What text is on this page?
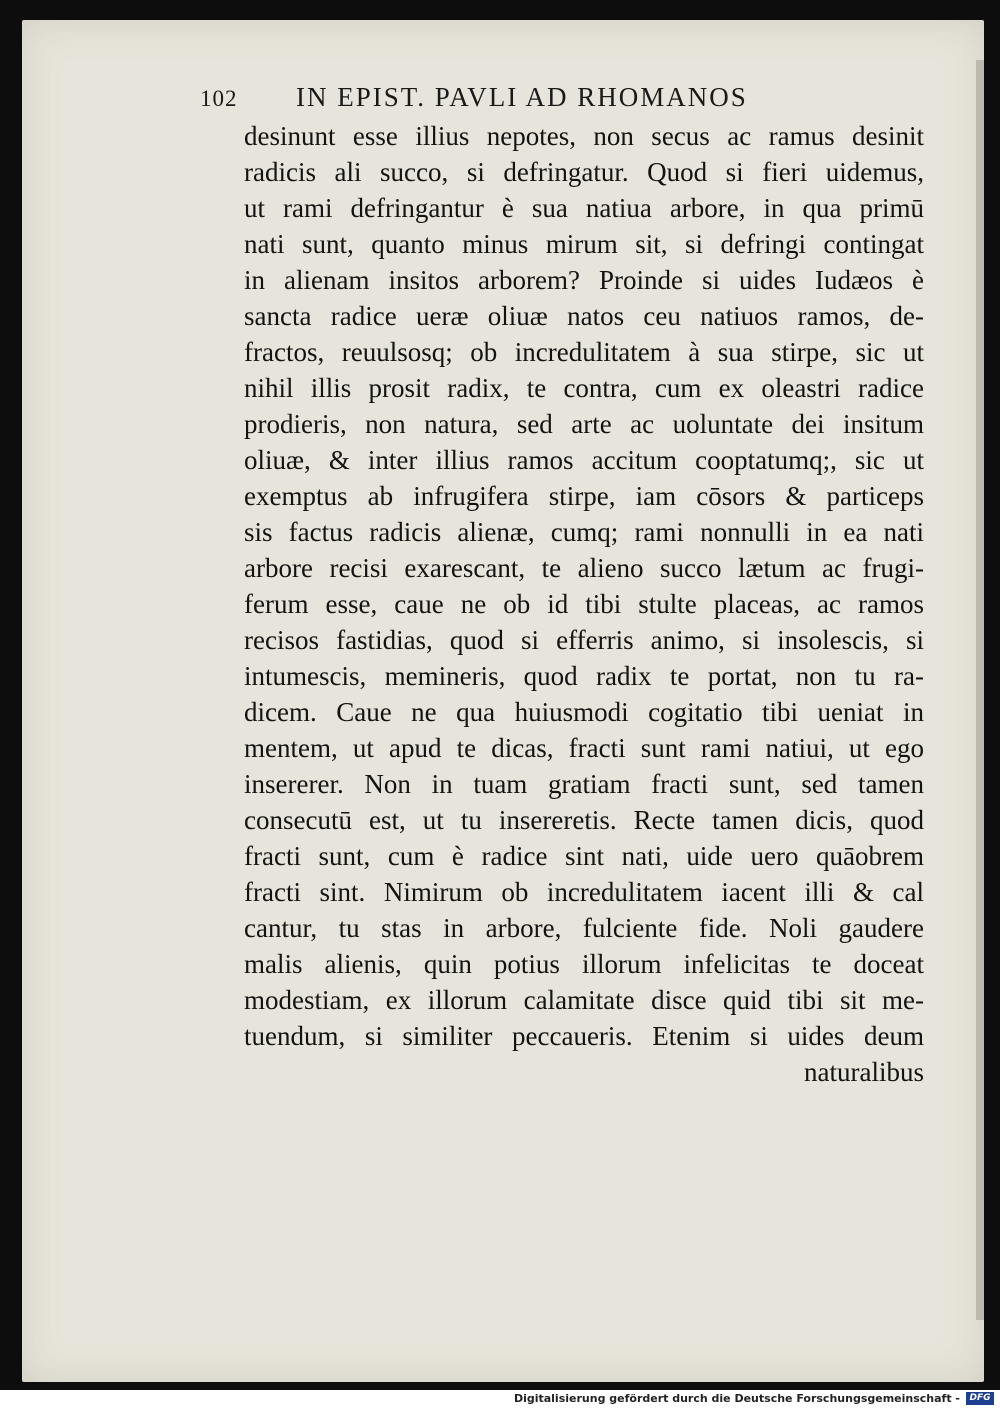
102 IN EPIST. PAVLI AD RHOMANOS
desinunt esse illius nepotes, non secus ac ramus desinit
radicis ali succo, si defringatur. Quod si fieri uidemus,
ut rami defringantur è sua natiua arbore, in qua primū
nati sunt, quanto minus mirum sit, si defringi contingat
in alienam insitos arborem? Proinde si uides Iudæos è
sancta radice ueræ oliuæ natos ceu natiuos ramos, de-
fractos, reuulsosq; ob incredulitatem à sua stirpe, sic ut
nihil illis prosit radix, te contra, cum ex oleastri radice
prodieris, non natura, sed arte ac uoluntate dei insitum
oliuæ, & inter illius ramos accitum cooptatumq;, sic ut
exemptus ab infrugifera stirpe, iam cōsors & particeps
sis factus radicis alienæ, cumq; rami nonnulli in ea nati
arbore recisi exarescant, te alieno succo lætum ac frugi-
ferum esse, caue ne ob id tibi stulte placeas, ac ramos
recisos fastidias, quod si efferris animo, si insolescis, si
intumescis, memineris, quod radix te portat, non tu ra-
dicem. Caue ne qua huiusmodi cogitatio tibi ueniat in
mentem, ut apud te dicas, fracti sunt rami natiui, ut ego
insererer. Non in tuam gratiam fracti sunt, sed tamen
consecutū est, ut tu insereretis. Recte tamen dicis, quod
fracti sunt, cum è radice sint nati, uide uero quāobrem
fracti sint. Nimirum ob incredulitatem iacent illi & cal
cantur, tu stas in arbore, fulciente fide. Noli gaudere
malis alienis, quin potius illorum infelicitas te doceat
modestiam, ex illorum calamitate disce quid tibi sit me-
tuendum, si similiter peccaueris. Etenim si uides deum
naturalibus
Digitalisierung gefördert durch die Deutsche Forschungsgemeinschaft -	DFG
